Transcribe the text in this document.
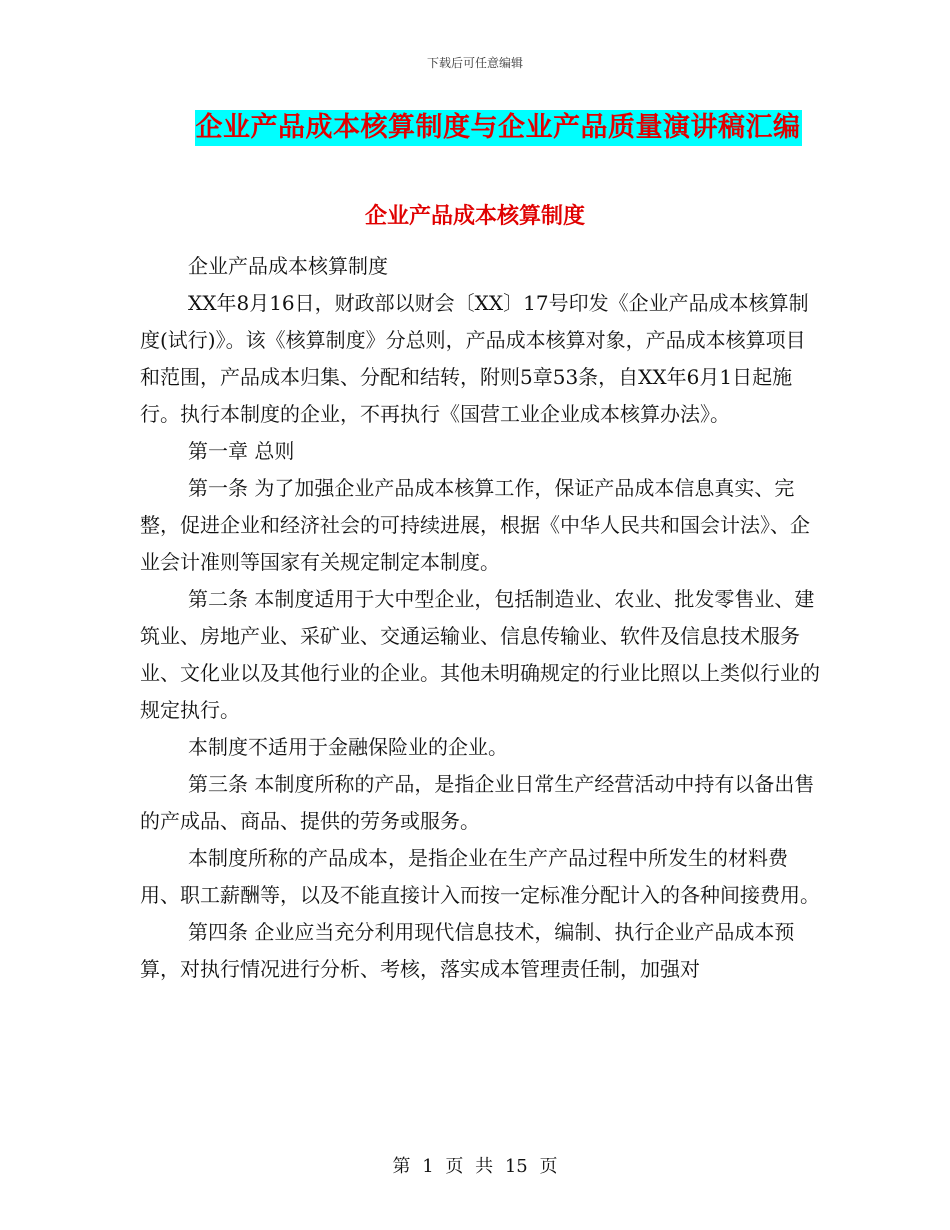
下载后可任意编辑
企业产品成本核算制度与企业产品质量演讲稿汇编
企业产品成本核算制度

企业产品成本核算制度

XX年8月16日，财政部以财会〔XX〕17号印发《企业产品成本核算制度(试行)》。该《核算制度》分总则，产品成本核算对象，产品成本核算项目和范围，产品成本归集、分配和结转，附则5章53条，自XX年6月1日起施行。执行本制度的企业，不再执行《国营工业企业成本核算办法》。

第一章 总则

第一条 为了加强企业产品成本核算工作，保证产品成本信息真实、完整，促进企业和经济社会的可持续进展，根据《中华人民共和国会计法》、企业会计准则等国家有关规定制定本制度。

第二条 本制度适用于大中型企业，包括制造业、农业、批发零售业、建筑业、房地产业、采矿业、交通运输业、信息传输业、软件及信息技术服务业、文化业以及其他行业的企业。其他未明确规定的行业比照以上类似行业的规定执行。

本制度不适用于金融保险业的企业。

第三条 本制度所称的产品，是指企业日常生产经营活动中持有以备出售的产成品、商品、提供的劳务或服务。

本制度所称的产品成本，是指企业在生产产品过程中所发生的材料费用、职工薪酬等，以及不能直接计入而按一定标准分配计入的各种间接费用。

第四条 企业应当充分利用现代信息技术，编制、执行企业产品成本预算，对执行情况进行分析、考核，落实成本管理责任制，加强对

第 1 页 共 15 页
